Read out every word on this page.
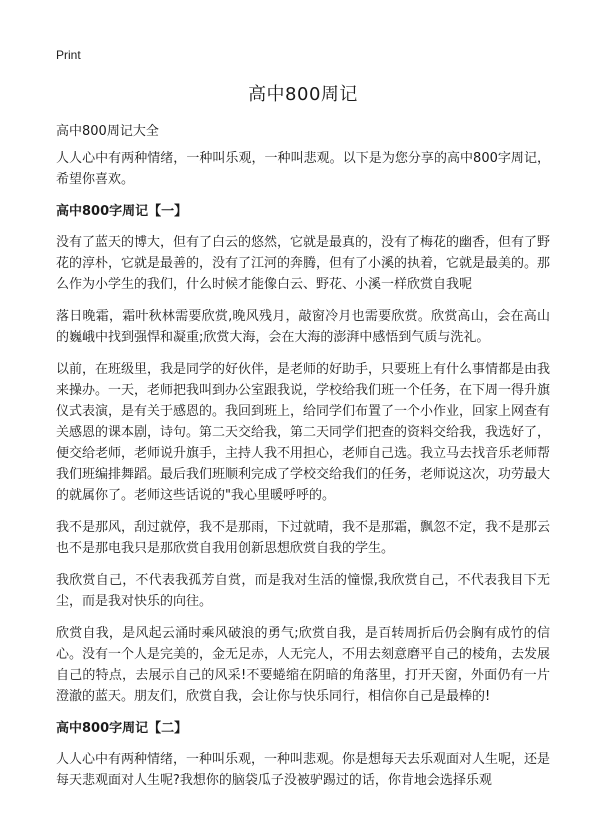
Print
高中800周记
高中800周记大全

人人心中有两种情绪，一种叫乐观，一种叫悲观。以下是为您分享的高中800字周记，希望你喜欢。

高中800字周记【一】

没有了蓝天的博大，但有了白云的悠然，它就是最真的，没有了梅花的幽香，但有了野花的淳朴，它就是最善的，没有了江河的奔腾，但有了小溪的执着，它就是最美的。那么作为小学生的我们，什么时候才能像白云、野花、小溪一样欣赏自我呢

落日晚霜，霜叶秋林需要欣赏,晚风残月，敲窗冷月也需要欣赏。欣赏高山，会在高山的巍峨中找到强悍和凝重;欣赏大海，会在大海的澎湃中感悟到气质与洗礼。

以前，在班级里，我是同学的好伙伴，是老师的好助手，只要班上有什么事情都是由我来操办。一天，老师把我叫到办公室跟我说，学校给我们班一个任务，在下周一得升旗仪式表演，是有关于感恩的。我回到班上，给同学们布置了一个小作业，回家上网查有关感恩的课本剧，诗句。第二天交给我，第二天同学们把查的资料交给我，我选好了，便交给老师，老师说升旗手，主持人我不用担心，老师自己选。我立马去找音乐老师帮我们班编排舞蹈。最后我们班顺利完成了学校交给我们的任务，老师说这次，功劳最大的就属你了。老师这些话说的"我心里暖呼呼的。

我不是那风，刮过就停，我不是那雨，下过就晴，我不是那霜，飘忽不定，我不是那云也不是那电我只是那欣赏自我用创新思想欣赏自我的学生。

我欣赏自己，不代表我孤芳自赏，而是我对生活的憧憬,我欣赏自己，不代表我目下无尘，而是我对快乐的向往。

欣赏自我，是风起云涌时乘风破浪的勇气;欣赏自我，是百转周折后仍会胸有成竹的信心。没有一个人是完美的，金无足赤，人无完人，不用去刻意磨平自己的棱角，去发展自己的特点，去展示自己的风采!不要蜷缩在阴暗的角落里，打开天窗，外面仍有一片澄澈的蓝天。朋友们，欣赏自我，会让你与快乐同行，相信你自己是最棒的!

高中800字周记【二】

人人心中有两种情绪，一种叫乐观，一种叫悲观。你是想每天去乐观面对人生呢，还是每天悲观面对人生呢?我想你的脑袋瓜子没被驴踢过的话，你肯地会选择乐观
